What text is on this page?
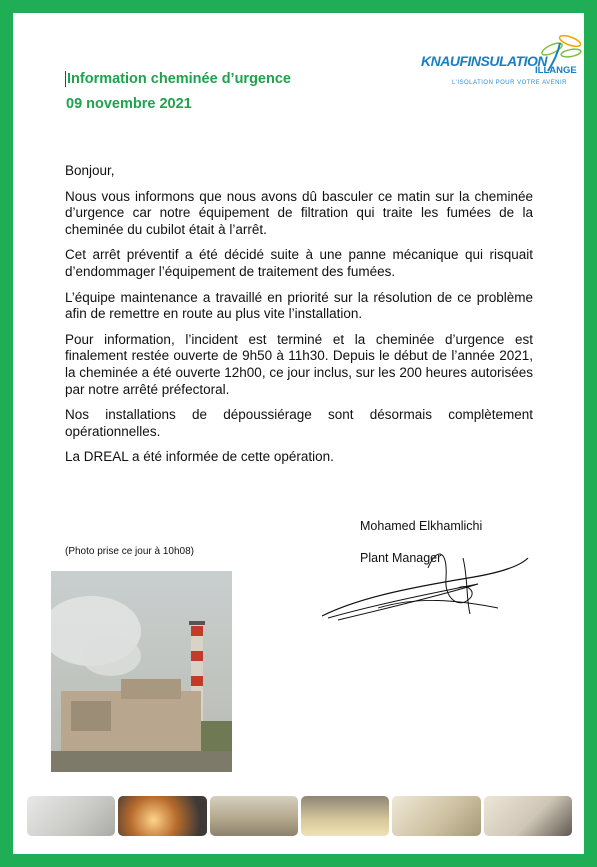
Information cheminée d’urgence
09 novembre 2021
KNAUFINSULATION
ILLANGE
L’ISOLATION POUR VOTRE AVENIR

Bonjour,

Nous vous informons que nous avons dû basculer ce matin sur la cheminée d’urgence car notre équipement de filtration qui traite les fumées de la cheminée du cubilot était à l’arrêt.

Cet arrêt préventif a été décidé suite à une panne mécanique qui risquait d’endommager l’équipement de traitement des fumées.

L’équipe maintenance a travaillé en priorité sur la résolution de ce problème afin de remettre en route au plus vite l’installation.

Pour information, l’incident est terminé et la cheminée d’urgence est finalement restée ouverte de 9h50 à 11h30. Depuis le début de l’année 2021, la cheminée a été ouverte 12h00, ce jour inclus, sur les 200 heures autorisées par notre arrêté préfectoral.

Nos installations de dépoussiérage sont désormais complètement opérationnelles.

La DREAL a été informée de cette opération.

Mohamed Elkhamlichi
Plant Manager
(Photo prise ce jour à 10h08)
